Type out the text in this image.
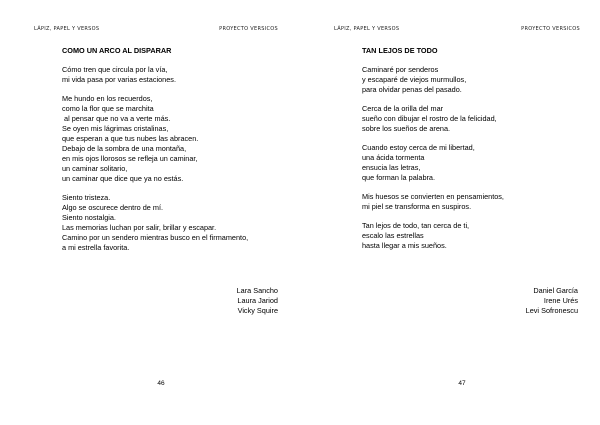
LÁPIZ, PAPEL Y VERSOS	PROYECTO VERSICOS
COMO UN ARCO AL DISPARAR
Cómo tren que circula por la vía,
mi vida pasa por varias estaciones.
Me hundo en los recuerdos,
como la flor que se marchita
al pensar que no va a verte más.
Se oyen mis lágrimas cristalinas,
que esperan a que tus nubes las abracen.
Debajo de la sombra de una montaña,
en mis ojos llorosos se refleja un caminar,
un caminar solitario,
un caminar que dice que ya no estás.
Siento tristeza.
Algo se oscurece dentro de mí.
Siento nostalgia.
Las memorias luchan por salir, brillar y escapar.
Camino por un sendero mientras busco en el firmamento,
a mi estrella favorita.
Lara Sancho
Laura Jariod
Vicky Squire
46
LÁPIZ, PAPEL Y VERSOS	PROYECTO VERSICOS
TAN LEJOS DE TODO
Caminaré por senderos
y escaparé de viejos murmullos,
para olvidar penas del pasado.
Cerca de la orilla del mar
sueño con dibujar el rostro de la felicidad,
sobre los sueños de arena.
Cuando estoy cerca de mi libertad,
una ácida tormenta
ensucia las letras,
que forman la palabra.
Mis huesos se convierten en pensamientos,
mi piel se transforma en suspiros.
Tan lejos de todo, tan cerca de ti,
escalo las estrellas
hasta llegar a mis sueños.
Daniel García
Irene Urés
Levi Sofronescu
47
